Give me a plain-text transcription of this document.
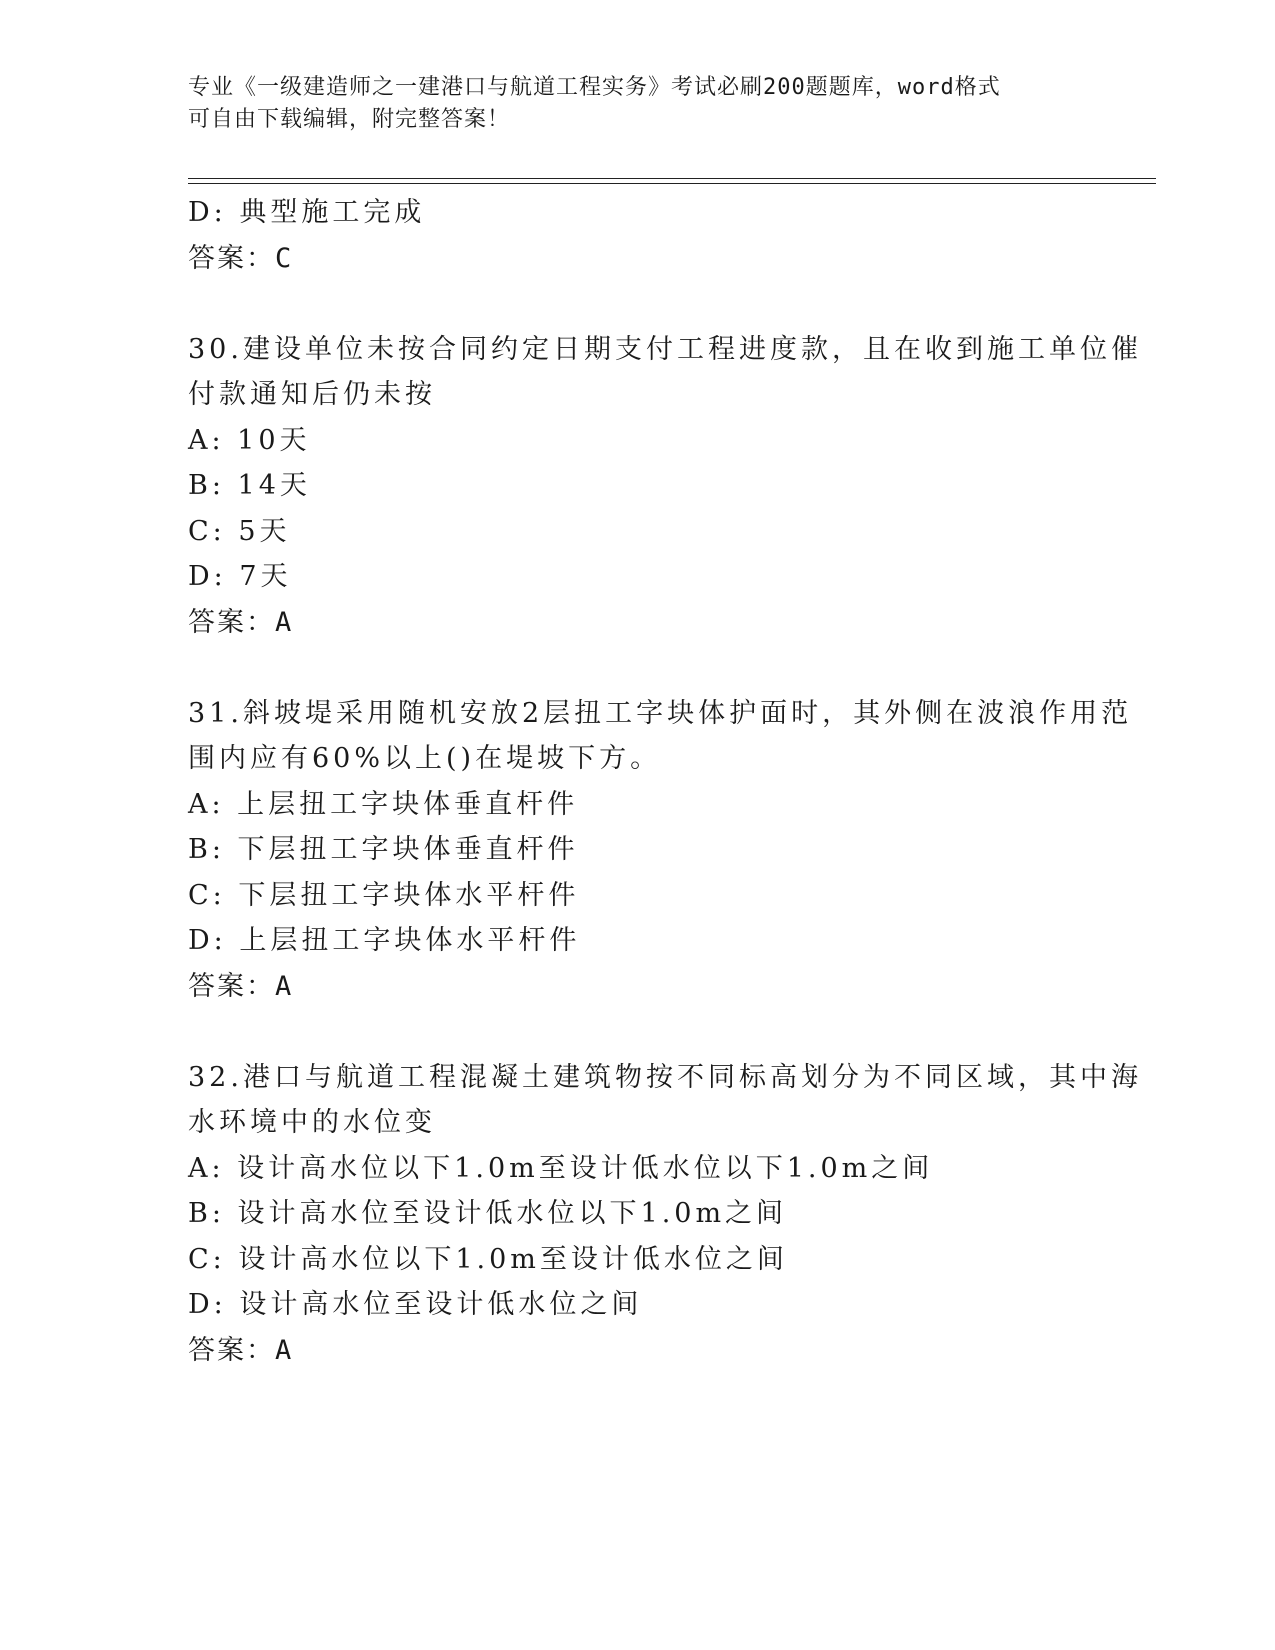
专业《一级建造师之一建港口与航道工程实务》考试必刷200题题库，word格式
可自由下载编辑，附完整答案！
D: 典型施工完成
答案：C
30.建设单位未按合同约定日期支付工程进度款，且在收到施工单位催
付款通知后仍未按
A: 10天
B: 14天
C: 5天
D: 7天
答案：A
31.斜坡堤采用随机安放2层扭工字块体护面时，其外侧在波浪作用范
围内应有60%以上()在堤坡下方。
A: 上层扭工字块体垂直杆件
B: 下层扭工字块体垂直杆件
C: 下层扭工字块体水平杆件
D: 上层扭工字块体水平杆件
答案：A
32.港口与航道工程混凝土建筑物按不同标高划分为不同区域，其中海
水环境中的水位变
A: 设计高水位以下1.0m至设计低水位以下1.0m之间
B: 设计高水位至设计低水位以下1.0m之间
C: 设计高水位以下1.0m至设计低水位之间
D: 设计高水位至设计低水位之间
答案：A
